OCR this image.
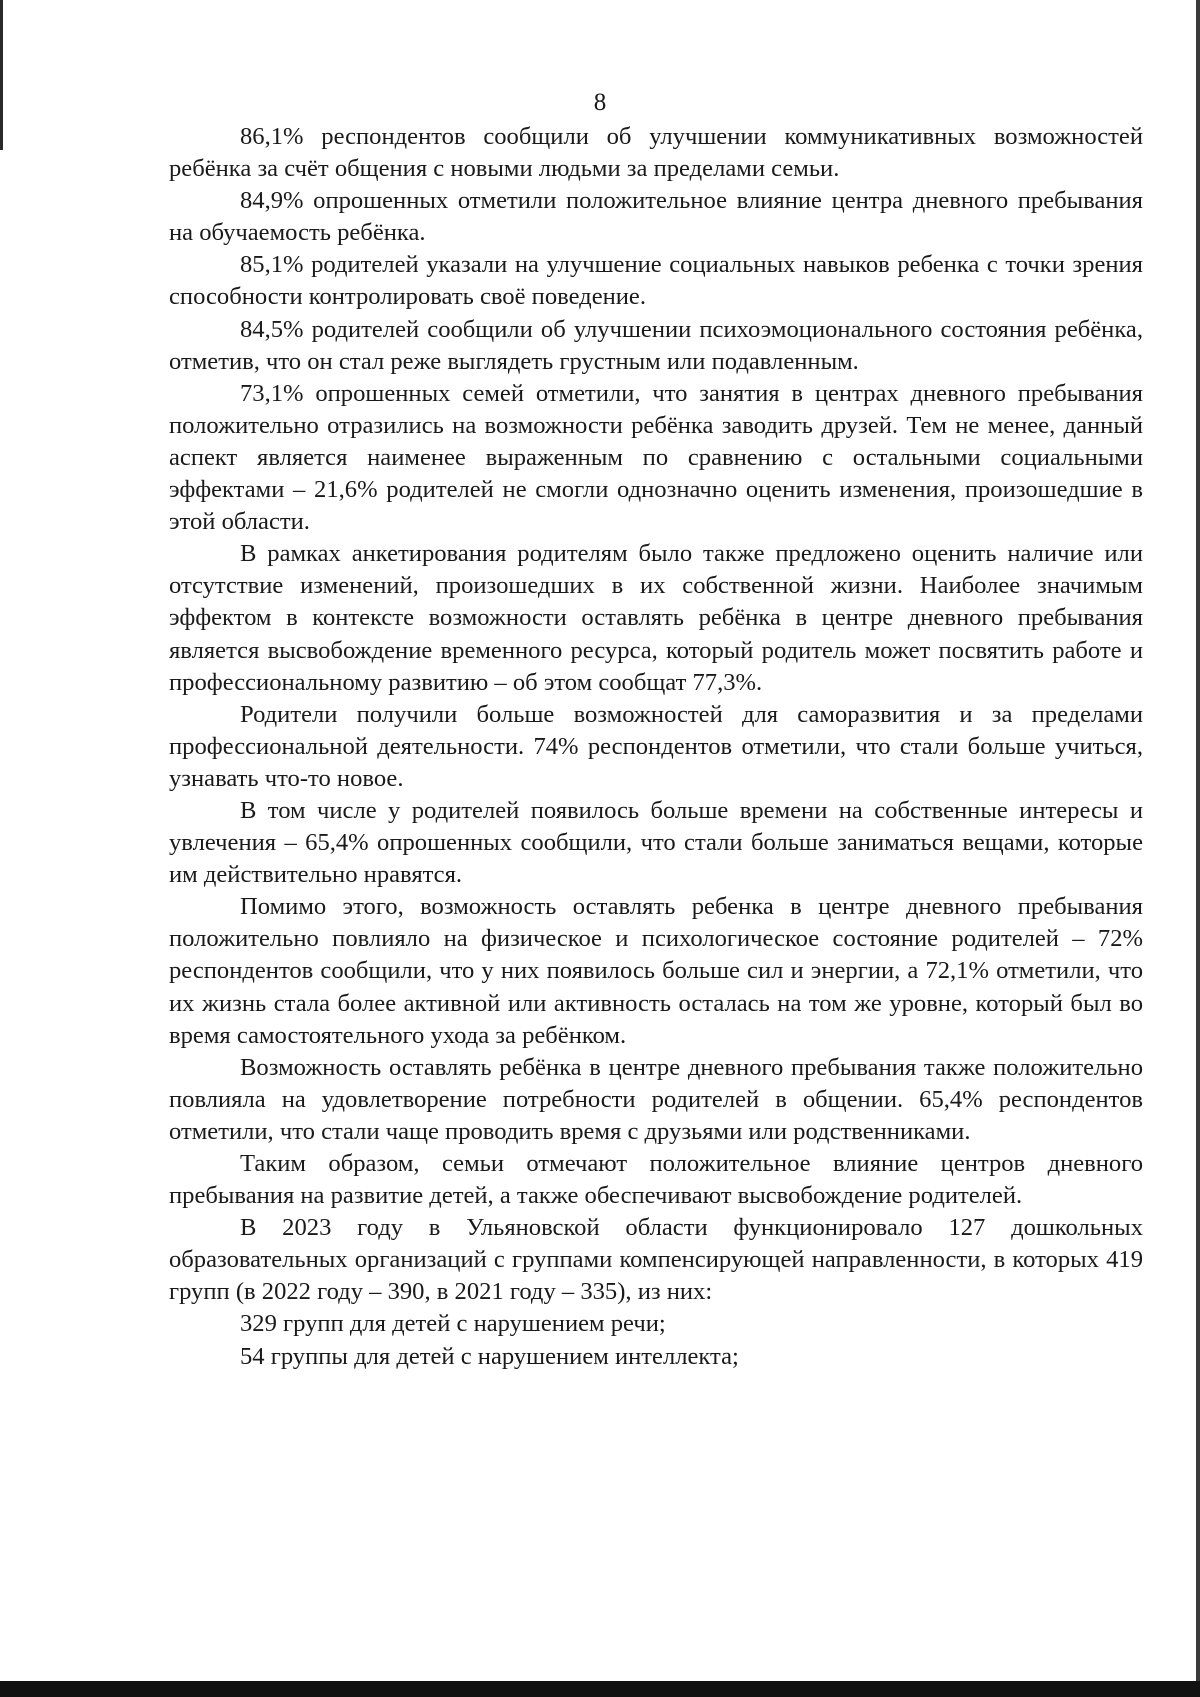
8

86,1% респондентов сообщили об улучшении коммуникативных возможностей ребёнка за счёт общения с новыми людьми за пределами семьи.

84,9% опрошенных отметили положительное влияние центра дневного пребывания на обучаемость ребёнка.

85,1% родителей указали на улучшение социальных навыков ребенка с точки зрения способности контролировать своё поведение.

84,5% родителей сообщили об улучшении психоэмоционального состояния ребёнка, отметив, что он стал реже выглядеть грустным или подавленным.

73,1% опрошенных семей отметили, что занятия в центрах дневного пребывания положительно отразились на возможности ребёнка заводить друзей. Тем не менее, данный аспект является наименее выраженным по сравнению с остальными социальными эффектами – 21,6% родителей не смогли однозначно оценить изменения, произошедшие в этой области.

В рамках анкетирования родителям было также предложено оценить наличие или отсутствие изменений, произошедших в их собственной жизни. Наиболее значимым эффектом в контексте возможности оставлять ребёнка в центре дневного пребывания является высвобождение временного ресурса, который родитель может посвятить работе и профессиональному развитию – об этом сообщат 77,3%.

Родители получили больше возможностей для саморазвития и за пределами профессиональной деятельности. 74% респондентов отметили, что стали больше учиться, узнавать что-то новое.

В том числе у родителей появилось больше времени на собственные интересы и увлечения – 65,4% опрошенных сообщили, что стали больше заниматься вещами, которые им действительно нравятся.

Помимо этого, возможность оставлять ребенка в центре дневного пребывания положительно повлияло на физическое и психологическое состояние родителей – 72% респондентов сообщили, что у них появилось больше сил и энергии, а 72,1% отметили, что их жизнь стала более активной или активность осталась на том же уровне, который был во время самостоятельного ухода за ребёнком.

Возможность оставлять ребёнка в центре дневного пребывания также положительно повлияла на удовлетворение потребности родителей в общении. 65,4% респондентов отметили, что стали чаще проводить время с друзьями или родственниками.

Таким образом, семьи отмечают положительное влияние центров дневного пребывания на развитие детей, а также обеспечивают высвобождение родителей.

В 2023 году в Ульяновской области функционировало 127 дошкольных образовательных организаций с группами компенсирующей направленности, в которых 419 групп (в 2022 году – 390, в 2021 году – 335), из них:

329 групп для детей с нарушением речи;

54 группы для детей с нарушением интеллекта;
